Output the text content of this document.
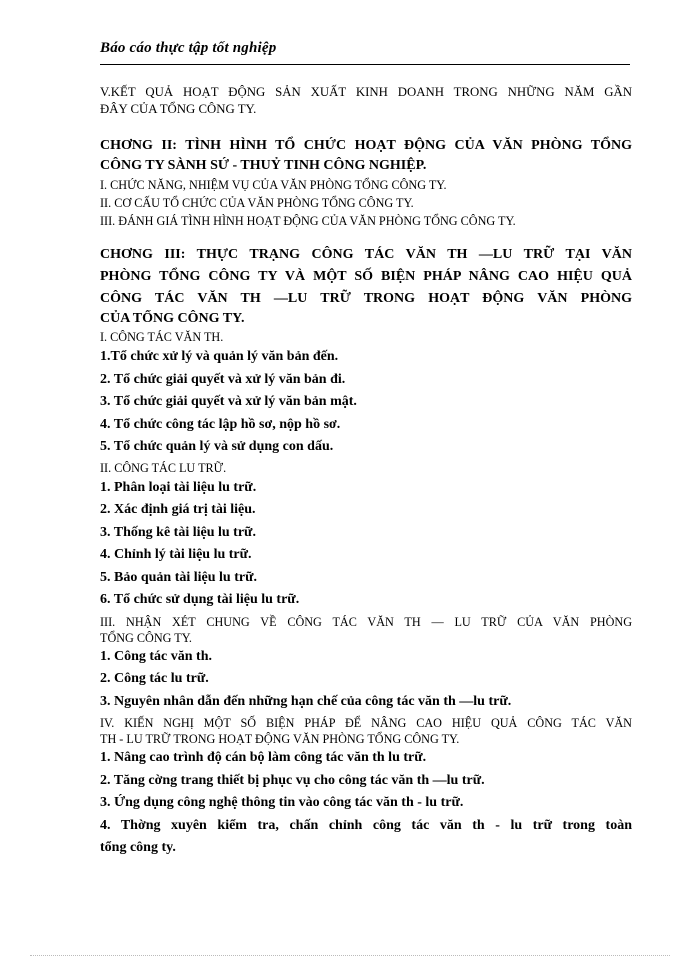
Báo cáo thực tập tốt nghiệp
V.KẾT QUẢ HOẠT ĐỘNG SẢN XUẤT KINH DOANH TRONG NHỮNG NĂM GẦN
ĐÂY CỦA TỔNG CÔNG TY.
CHƠNG II: TÌNH HÌNH TỔ CHỨC HOẠT ĐỘNG CỦA VĂN PHÒNG TỔNG
CÔNG TY SÀNH SỨ - THUỶ TINH CÔNG NGHIỆP.
I. CHỨC NĂNG, NHIỆM VỤ CỦA VĂN PHÒNG TỔNG CÔNG TY.
II. CƠ CẤU TỔ CHỨC CỦA VĂN PHÒNG TỔNG CÔNG TY.
III. ĐÁNH GIÁ TÌNH HÌNH HOẠT ĐỘNG CỦA VĂN PHÒNG TỔNG CÔNG TY.
CHƠNG III: THỰC TRẠNG CÔNG TÁC VĂN TH —LU TRỮ TẠI VĂN
PHÒNG TỔNG CÔNG TY VÀ MỘT SỐ BIỆN PHÁP NÂNG CAO HIỆU QUẢ
CÔNG TÁC VĂN TH —LU TRỮ TRONG HOẠT ĐỘNG VĂN PHÒNG
CỦA TỔNG CÔNG TY.
I. CÔNG TÁC VĂN TH.
1.Tổ chức xử lý và quản lý văn bản đến.
2. Tổ chức giải quyết và xử lý văn bản đi.
3. Tổ chức giải quyết và xử lý văn bản mật.
4. Tổ chức công tác lập hồ sơ, nộp hồ sơ.
5. Tổ chức quản lý và sử dụng con dấu.
II. CÔNG TÁC LU TRỮ.
1. Phân loại tài liệu lu trữ.
2. Xác định giá trị tài liệu.
3. Thống kê tài liệu lu trữ.
4. Chỉnh lý tài liệu lu trữ.
5. Bảo quản tài liệu lu trữ.
6. Tổ chức sử dụng tài liệu lu trữ.
III. NHẬN XÉT CHUNG VỀ CÔNG TÁC VĂN TH — LU TRỮ CỦA VĂN PHÒNG
TỔNG CÔNG TY.
1. Công tác văn th.
2. Công tác lu trữ.
3. Nguyên nhân dẫn đến những hạn chế của công tác văn th —lu trữ.
IV. KIẾN NGHỊ MỘT SỐ BIỆN PHÁP ĐỂ NÂNG CAO HIỆU QUẢ CÔNG TÁC VĂN
TH - LU TRỮ TRONG HOẠT ĐỘNG VĂN PHÒNG TỔNG CÔNG TY.
1. Nâng cao trình độ cán bộ làm công tác văn th lu trữ.
2. Tăng cờng trang thiết bị phục vụ cho công tác văn th —lu trữ.
3. Ứng dụng công nghệ thông tin vào công tác văn th - lu trữ.
4. Thờng xuyên kiểm tra, chấn chỉnh công tác văn th - lu trữ trong toàn
tổng công ty.
